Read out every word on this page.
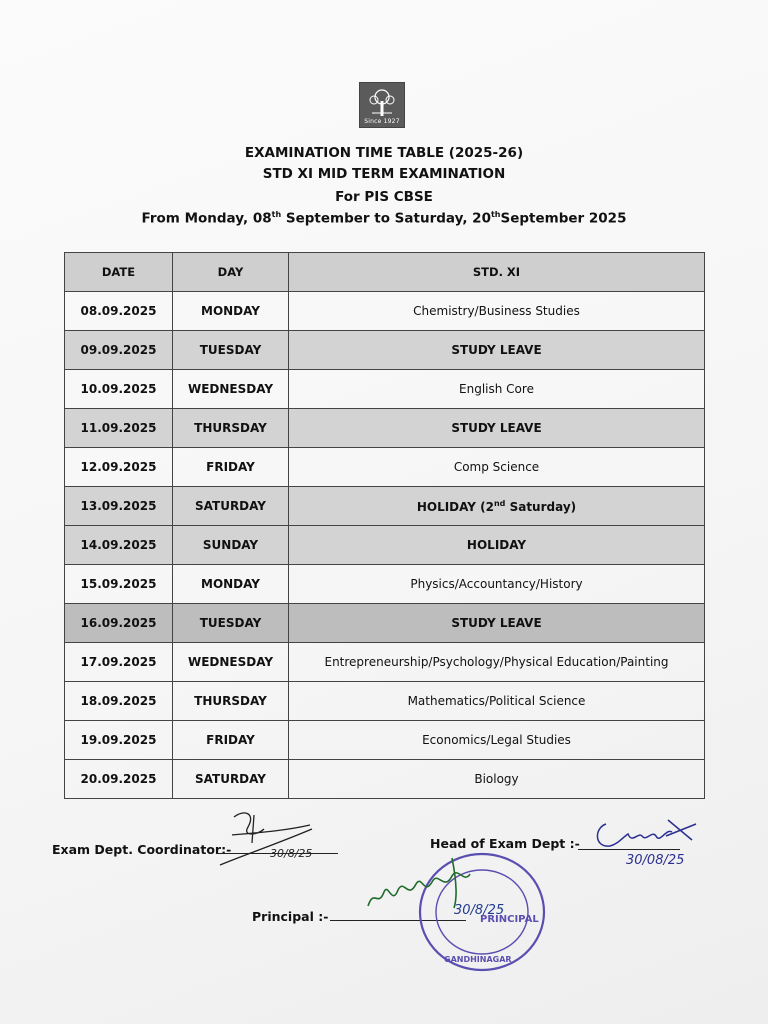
Since 1927
EXAMINATION TIME TABLE (2025-26)
STD XI MID TERM EXAMINATION
For PIS CBSE
From Monday, 08th September to Saturday, 20thSeptember 2025
DATE	DAY	STD. XI
08.09.2025	MONDAY	Chemistry/Business Studies
09.09.2025	TUESDAY	STUDY LEAVE
10.09.2025	WEDNESDAY	English Core
11.09.2025	THURSDAY	STUDY LEAVE
12.09.2025	FRIDAY	Comp Science
13.09.2025	SATURDAY	HOLIDAY (2nd Saturday)
14.09.2025	SUNDAY	HOLIDAY
15.09.2025	MONDAY	Physics/Accountancy/History
16.09.2025	TUESDAY	STUDY LEAVE
17.09.2025	WEDNESDAY	Entrepreneurship/Psychology/Physical Education/Painting
18.09.2025	THURSDAY	Mathematics/Political Science
19.09.2025	FRIDAY	Economics/Legal Studies
20.09.2025	SATURDAY	Biology
Exam Dept. Coordinator:-	30/8/25
Head of Exam Dept :-
30/08/25
Principal :-	PRINCIPAL
GANDHINAGAR
30/8/25
